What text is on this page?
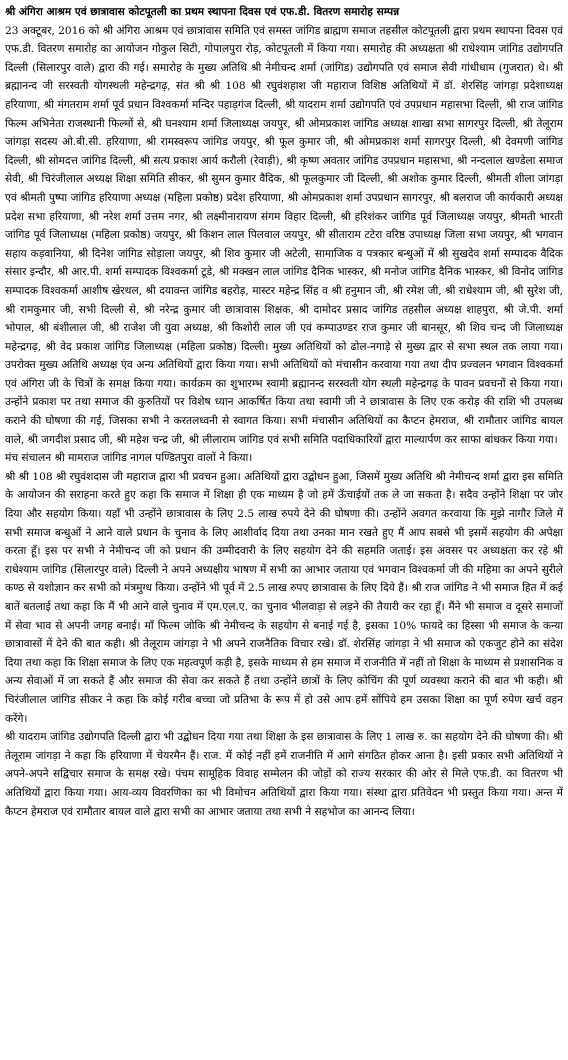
श्री अंगिरा आश्रम एवं छात्रावास कोटपूतली का प्रथम स्थापना दिवस एवं एफ.डी. वितरण समारोह सम्पन्न

23 अक्टूबर, 2016 को श्री अंगिरा आश्रम एवं छात्रावास समिति एवं समस्त जांगिड ब्राह्मण समाज तहसील कोटपूतली द्वारा प्रथम स्थापना दिवस एवं एफ.डी. वितरण समारोह का आयोजन गोकुल सिटी, गोपालपुरा रोड़, कोटपूतली में किया गया। समारोह की अध्यक्षता श्री राधेश्याम जांगिड उद्योगपति दिल्ली (सिलारपुर वाले) द्वारा की गई। समारोह के मुख्य अतिथि श्री नेमीचन्द शर्मा (जांगिड) उद्योगपति एवं समाज सेवी गांधीधाम (गुजरात) थे। श्री ब्रह्मानन्द जी सरस्वती योगस्थली महेन्द्रगढ़, संत श्री श्री 108 श्री रघुवंशहाश जी महाराज विशिष्ठ अतिथियों में डॉ. शेरसिंह जांगड़ा प्रदेशाध्यक्ष हरियाणा, श्री मंगतराम शर्मा पूर्व प्रधान विश्वकर्मा मन्दिर पहाड़गंज दिल्ली, श्री यादराम शर्मा उद्योगपति एवं उपप्रधान महासभा दिल्ली, श्री राज जांगिड फिल्म अभिनेता राजस्थानी फिल्मों से, श्री घनश्याम शर्मा जिलाध्यक्ष जयपुर, श्री ओमप्रकाश जांगिड अध्यक्ष शाखा सभा सागरपुर दिल्ली, श्री तेलूराम जांगड़ा सदस्य ओ.बी.सी. हरियाणा, श्री रामस्वरूप जांगिड जयपुर, श्री फूल कुमार जी, श्री ओमप्रकाश शर्मा सागरपुर दिल्ली, श्री देवमणी जांगिड दिल्ली, श्री सोमदत्त जांगिड दिल्ली, श्री सत्य प्रकाश आर्य करौली (रेवाड़ी), श्री कृष्ण अवतार जांगिड उपप्रधान महासभा, श्री नन्दलाल खण्डेला समाज सेवी, श्री चिरंजीलाल अध्यक्ष शिक्षा समिति सीकर, श्री सुमन कुमार वैदिक, श्री फूलकुमार जी दिल्ली, श्री अशोक कुमार दिल्ली, श्रीमती शीला जांगड़ा एवं श्रीमती पुष्पा जांगिड हरियाणा अध्यक्ष (महिला प्रकोष्ठ) प्रदेश हरियाणा, श्री ओमप्रकाश शर्मा उपप्रधान सागरपुर, श्री बलराज जी कार्यकारी अध्यक्ष प्रदेश सभा हरियाणा, श्री नरेश शर्मा उत्तम नगर, श्री लक्ष्मीनारायण संगम विहार दिल्ली, श्री हरिशंकर जांगिड पूर्व जिलाध्यक्ष जयपुर, श्रीमती भारती जांगिड पूर्व जिलाध्यक्ष (महिला प्रकोष्ठ) जयपुर, श्री किशन लाल पिलवाल जयपुर, श्री सीताराम टटेरा वरिष्ठ उपाध्यक्ष जिला सभा जयपुर, श्री भगवान सहाय कड़वानिया, श्री दिनेश जांगिड सोड़ाला जयपुर, श्री शिव कुमार जी अटेली, सामाजिक व पत्रकार बन्धुओं में श्री सुखदेव शर्मा सम्पादक वैदिक संसार इन्दौर, श्री आर.पी. शर्मा सम्पादक विश्वकर्मा टूडे, श्री मक्खन लाल जांगिड दैनिक भास्कर, श्री मनोज जांगिड दैनिक भास्कर, श्री विनोद जांगिड सम्पादक विश्वकर्मा आशीष खेरथल, श्री दयावन्त जांगिड बहरोड़, मास्टर महेन्द्र सिंह व श्री हनुमान जी, श्री रमेश जी, श्री राधेश्याम जी, श्री सुरेश जी, श्री रामकुमार जी, सभी दिल्ली से, श्री नरेन्द्र कुमार जी छात्रावास शिक्षक, श्री दामोदर प्रसाद जांगिड तहसील अध्यक्ष शाहपुरा, श्री जे.पी. शर्मा भोपाल, श्री बंशीलाल जी, श्री राजेश जी युवा अध्यक्ष, श्री किशोरी लाल जी एवं कम्पाउण्डर राज कुमार जी बानसूर, श्री शिव चन्द जी जिलाध्यक्ष महेन्द्रगढ़, श्री वेद प्रकाश जांगिड जिलाध्यक्ष (महिला प्रकोष्ठ) दिल्ली। मुख्य अतिथियों को ढोल-नगाड़े से मुख्य द्वार से सभा स्थल तक लाया गया। उपरोक्त मुख्य अतिथि अध्यक्ष एंव अन्य अतिथियों द्वारा किया गया। सभी अतिथियों को मंचासीन करवाया गया तथा दीप प्रज्वलन भगवान विश्वकर्मा एवं अंगिरा जी के चित्रों के समक्ष किया गया। कार्यक्रम का शुभारम्भ स्वामी ब्रह्मानन्द सरस्वती योग स्थली महेन्द्रगढ़ के पावन प्रवचनों से किया गया। उन्होंने प्रकाश पर तथा समाज की कुरुतियों पर विशेष ध्यान आकर्षित किया तथा स्वामी जी ने छात्रावास के लिए एक करोड़ की राशि भी उपलब्ध कराने की घोषणा की गई, जिसका सभी ने करतलध्वनी से स्वागत किया। सभी मंचासीन अतिथियों का कैप्टन हेमराज, श्री रामौतार जांगिड बायल वाले, श्री जगदीश प्रसाद जी, श्री महेश चन्द्र जी, श्री लीलाराम जांगिड एवं सभी समिति पदाधिकारियों द्वारा माल्यार्पण कर साफा बांधकर किया गया।

मंच संचालन श्री मामराज जांगिड नागल पण्डितपुरा वालों ने किया।

श्री श्री 108 श्री रघुवंशदास जी महाराज द्वारा भी प्रवचन हुआ। अतिथियों द्वारा उद्बोधन हुआ, जिसमें मुख्य अतिथि श्री नेमीचन्द शर्मा द्वारा इस समिति के आयोजन की सराहना करते हुए कहा कि समाज में शिक्षा ही एक माध्यम है जो हमें ऊँचाईयों तक ले जा सकता है। सदैव उन्होंने शिक्षा पर जोर दिया और सहयोग किया। यहाँ भी उन्होंने छात्रावास के लिए 2.5 लाख रुपये देने की घोषणा की। उन्होंने अवगत करवाया कि मुझे नागौर जिले में सभी समाज बन्धुओं ने आने वाले प्रधान के चुनाव के लिए आशीर्वाद दिया तथा उनका मान रखते हुए मैं आप सबसे भी इसमें सहयोग की अपेक्षा करता हूँ। इस पर सभी ने नेमीचन्द जी को प्रधान की उम्मीदवारी के लिए सहयोग देने की सहमति जताई। इस अवसर पर अध्यक्षता कर रहे श्री राधेश्याम जांगिड (सिलारपुर वाले) दिल्ली ने अपने अध्यक्षीय भाषण में सभी का आभार जताया एवं भगवान विश्वकर्मा जी की महिमा का अपने सुरीले कण्ठ से यशोज्ञान कर सभी को मंत्रमुग्ध किया। उन्होंने भी पूर्व में 2.5 लाख रुपए छात्रावास के लिए दिये हैं। श्री राज जांगिड ने भी समाज हित में कई बातें बतलाई तथा कहा कि मैं भी आने वाले चुनाव में एम.एल.ए. का चुनाव भीलवाड़ा से लड़ने की तैयारी कर रहा हूँ। मैंने भी समाज व दूसरे समाजों में सेवा भाव से अपनी जगह बनाई। माँ फिल्म जोकि श्री नेमीचन्द के सहयोग से बनाई गई है, इसका 10% फायदे का हिस्सा भी समाज के कन्या छात्रावासों में देने की बात कही। श्री तेलूराम जांगड़ा ने भी अपने राजनैतिक विचार रखे। डॉ. शेरसिंह जांगड़ा ने भी समाज को एकजुट होने का संदेश दिया तथा कहा कि शिक्षा समाज के लिए एक महत्वपूर्ण कड़ी है, इसके माध्यम से हम समाज में राजनीति में नहीं तो शिक्षा के माध्यम से प्रशासनिक व अन्य सेवाओं में जा सकते हैं और समाज की सेवा कर सकते हैं तथा उन्होंने छात्रों के लिए कोचिंग की पूर्ण व्यवस्था कराने की बात भी कही। श्री चिरंजीलाल जांगिड सीकर ने कहा कि कोई गरीब बच्चा जो प्रतिभा के रूप में हो उसे आप हमें सोंपिये हम उसका शिक्षा का पूर्ण रुपेण खर्च वहन करेंगे।

श्री यादराम जांगिड उद्योगपति दिल्ली द्वारा भी उद्बोधन दिया गया तथा शिक्षा के इस छात्रावास के लिए 1 लाख रु. का सहयोग देने की घोषणा की। श्री तेलूराम जांगड़ा ने कहा कि हरियाणा में चेयरमैन हैं। राज. में कोई नहीं हमें राजनीति में आगे संगठित होकर आना है। इसी प्रकार सभी अतिथियों ने अपने-अपने सद्विचार समाज के समक्ष रखे। पंचम सामूहिक विवाह सम्मेलन की जोड़ों को राज्य सरकार की ओर से मिले एफ.डी. का वितरण भी अतिथियों द्वारा किया गया। आय-व्यय विवरणिका का भी विमोचन अतिथियों द्वारा किया गया। संस्था द्वारा प्रतिवेदन भी प्रस्तुत किया गया। अन्त में कैप्टन हेमराज एवं रामौतार बायल वाले द्वारा सभी का आभार जताया तथा सभी ने सहभोज का आनन्द लिया।
